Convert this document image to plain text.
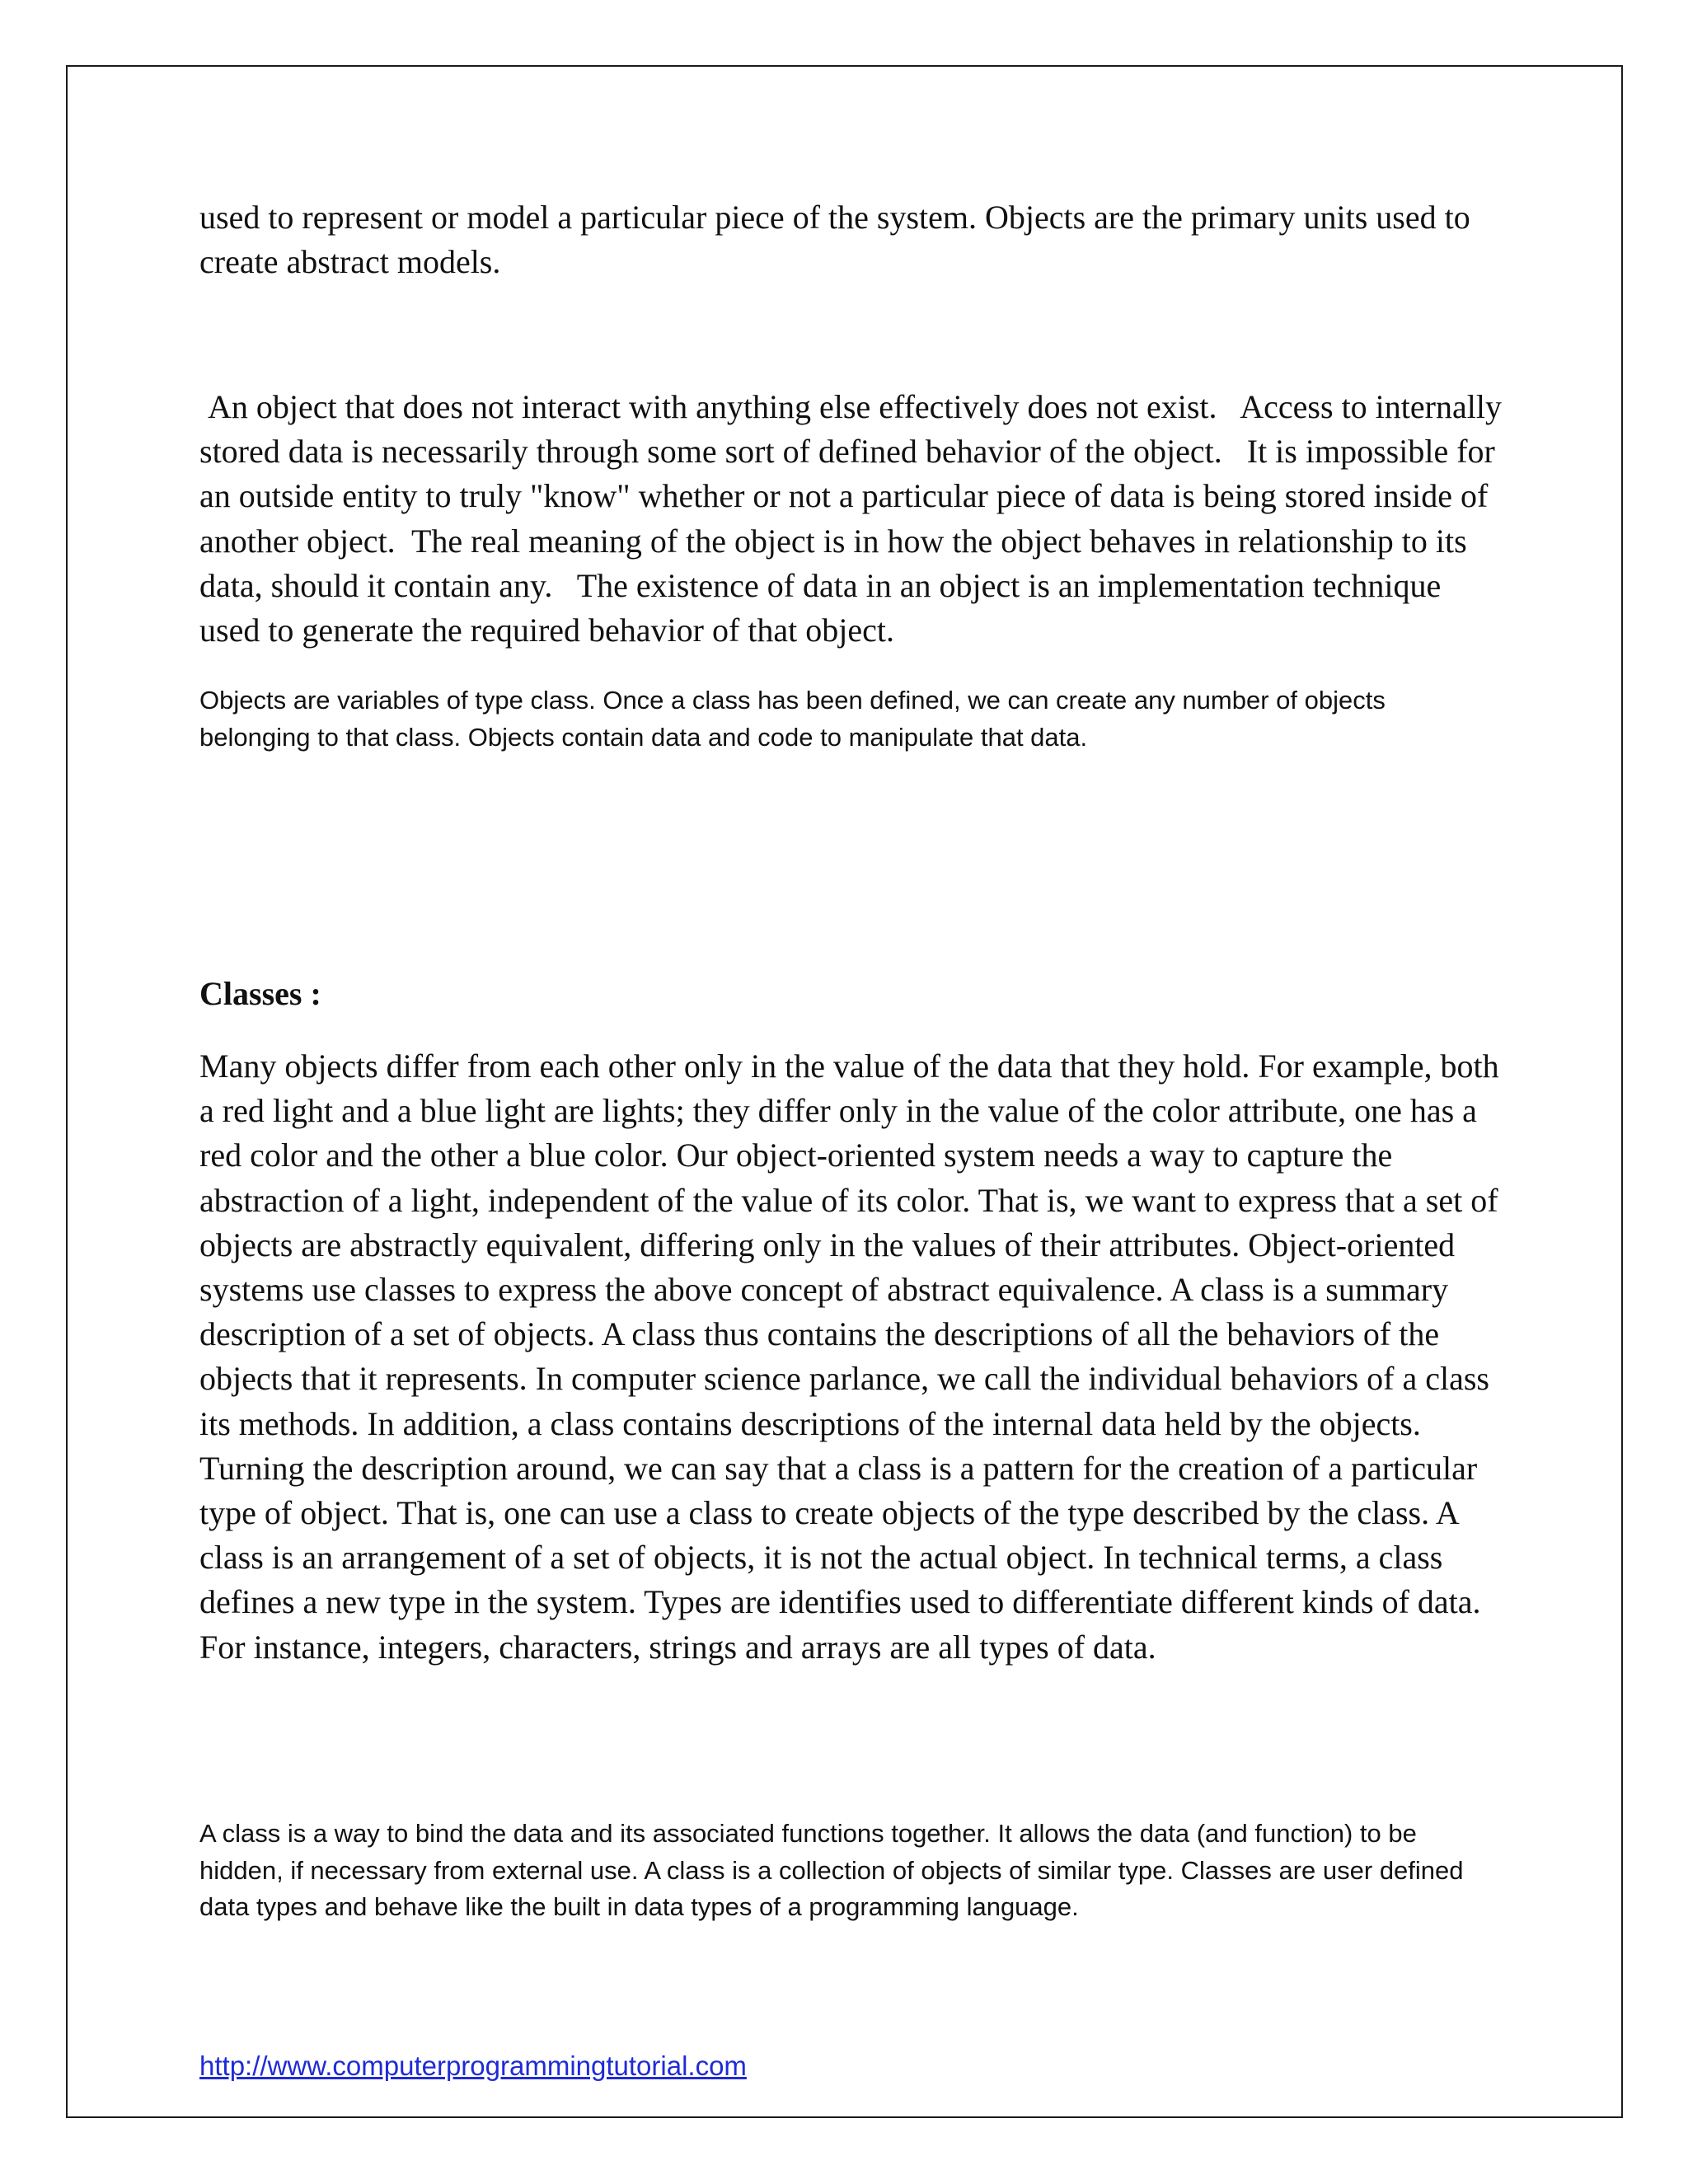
used to represent or model a particular piece of the system. Objects are the primary units used to create abstract models.

An object that does not interact with anything else effectively does not exist.   Access to internally stored data is necessarily through some sort of defined behavior of the object.   It is impossible for an outside entity to truly "know" whether or not a particular piece of data is being stored inside of another object.  The real meaning of the object is in how the object behaves in relationship to its data, should it contain any.   The existence of data in an object is an implementation technique used to generate the required behavior of that object.

Objects are variables of type class. Once a class has been defined, we can create any number of objects belonging to that class. Objects contain data and code to manipulate that data.

Classes :

Many objects differ from each other only in the value of the data that they hold. For example, both a red light and a blue light are lights; they differ only in the value of the color attribute, one has a red color and the other a blue color. Our object-oriented system needs a way to capture the abstraction of a light, independent of the value of its color. That is, we want to express that a set of objects are abstractly equivalent, differing only in the values of their attributes. Object-oriented systems use classes to express the above concept of abstract equivalence. A class is a summary description of a set of objects. A class thus contains the descriptions of all the behaviors of the objects that it represents. In computer science parlance, we call the individual behaviors of a class its methods. In addition, a class contains descriptions of the internal data held by the objects. Turning the description around, we can say that a class is a pattern for the creation of a particular type of object. That is, one can use a class to create objects of the type described by the class. A class is an arrangement of a set of objects, it is not the actual object. In technical terms, a class defines a new type in the system. Types are identifies used to differentiate different kinds of data. For instance, integers, characters, strings and arrays are all types of data.

A class is a way to bind the data and its associated functions together. It allows the data (and function) to be hidden, if necessary from external use. A class is a collection of objects of similar type. Classes are user defined data types and behave like the built in data types of a programming language.

http://www.computerprogrammingtutorial.com
